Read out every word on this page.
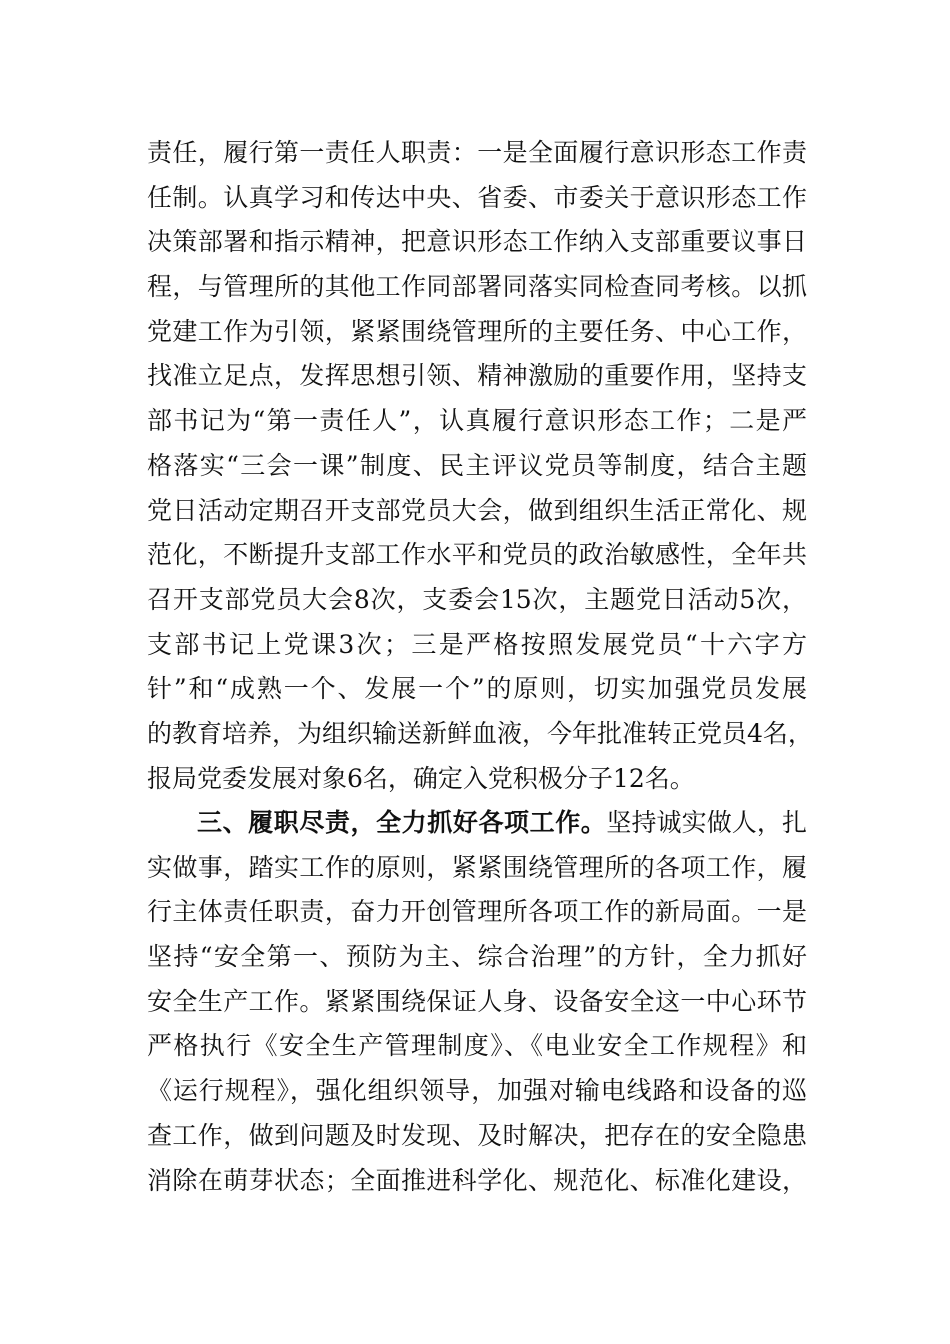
责任，履行第一责任人职责：一是全面履行意识形态工作责
任制。认真学习和传达中央、省委、市委关于意识形态工作
决策部署和指示精神，把意识形态工作纳入支部重要议事日
程，与管理所的其他工作同部署同落实同检查同考核。以抓
党建工作为引领，紧紧围绕管理所的主要任务、中心工作，
找准立足点，发挥思想引领、精神激励的重要作用，坚持支
部书记为“第一责任人”，认真履行意识形态工作；二是严
格落实“三会一课”制度、民主评议党员等制度，结合主题
党日活动定期召开支部党员大会，做到组织生活正常化、规
范化，不断提升支部工作水平和党员的政治敏感性，全年共
召开支部党员大会8次，支委会15次，主题党日活动5次，
支部书记上党课3次；三是严格按照发展党员“十六字方
针”和“成熟一个、发展一个”的原则，切实加强党员发展
的教育培养，为组织输送新鲜血液，今年批准转正党员4名，
报局党委发展对象6名，确定入党积极分子12名。
三、履职尽责，全力抓好各项工作。坚持诚实做人，扎
实做事，踏实工作的原则，紧紧围绕管理所的各项工作，履
行主体责任职责，奋力开创管理所各项工作的新局面。一是
坚持“安全第一、预防为主、综合治理”的方针，全力抓好
安全生产工作。紧紧围绕保证人身、设备安全这一中心环节
严格执行《安全生产管理制度》、《电业安全工作规程》和
《运行规程》，强化组织领导，加强对输电线路和设备的巡
查工作，做到问题及时发现、及时解决，把存在的安全隐患
消除在萌芽状态；全面推进科学化、规范化、标准化建设，
